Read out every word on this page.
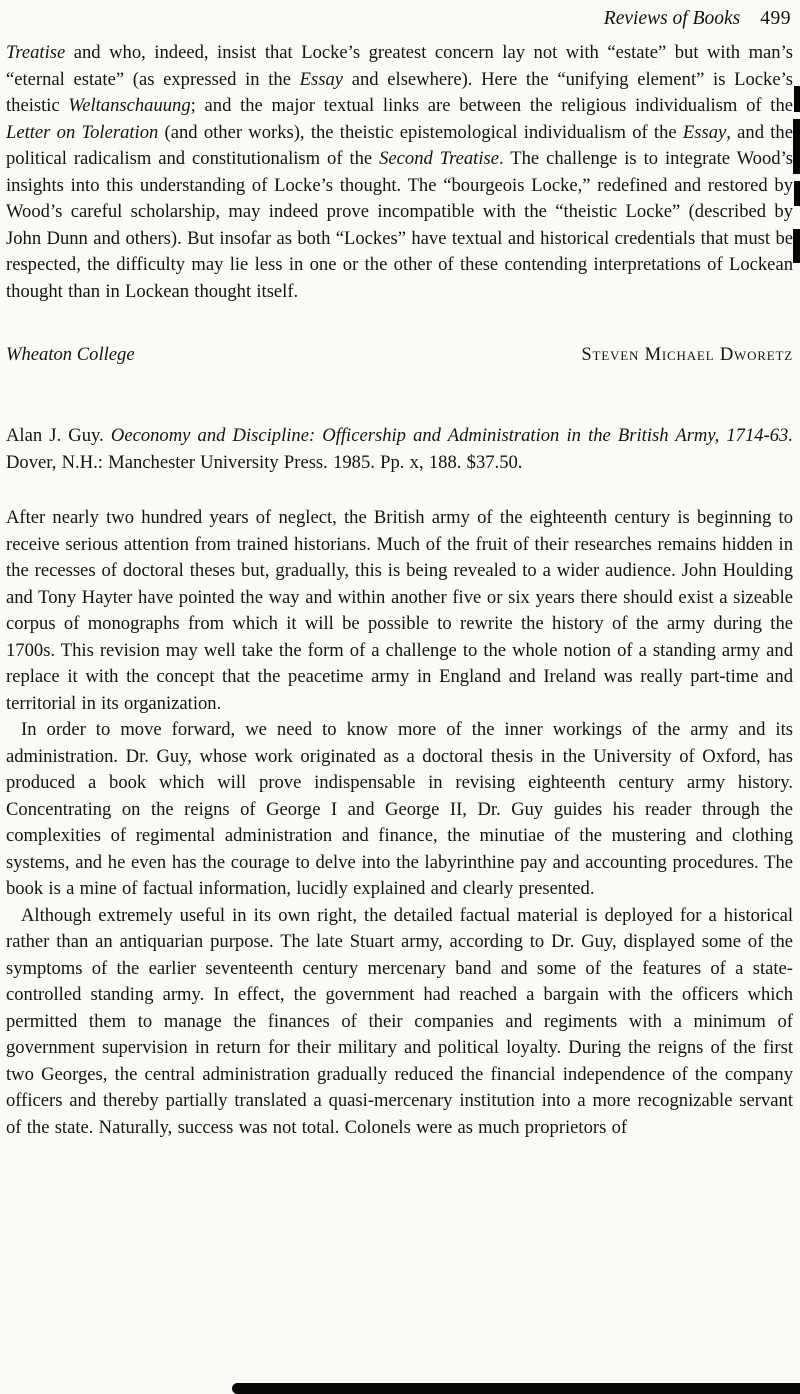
Reviews of Books 499

Treatise and who, indeed, insist that Locke’s greatest concern lay not with “estate” but with man’s “eternal estate” (as expressed in the Essay and elsewhere). Here the “unifying element” is Locke’s theistic Weltanschauung; and the major textual links are between the religious individualism of the Letter on Toleration (and other works), the theistic epistemological individualism of the Essay, and the political radicalism and constitutionalism of the Second Treatise. The challenge is to integrate Wood’s insights into this understanding of Locke’s thought. The “bourgeois Locke,” redefined and restored by Wood’s careful scholarship, may indeed prove incompatible with the “theistic Locke” (described by John Dunn and others). But insofar as both “Lockes” have textual and historical credentials that must be respected, the difficulty may lie less in one or the other of these contending interpretations of Lockean thought than in Lockean thought itself.

Wheaton College	Steven Michael Dworetz

Alan J. Guy. Oeconomy and Discipline: Officership and Administration in the British Army, 1714-63. Dover, N.H.: Manchester University Press. 1985. Pp. x, 188. $37.50.

After nearly two hundred years of neglect, the British army of the eighteenth century is beginning to receive serious attention from trained historians. Much of the fruit of their researches remains hidden in the recesses of doctoral theses but, gradually, this is being revealed to a wider audience. John Houlding and Tony Hayter have pointed the way and within another five or six years there should exist a sizeable corpus of monographs from which it will be possible to rewrite the history of the army during the 1700s. This revision may well take the form of a challenge to the whole notion of a standing army and replace it with the concept that the peacetime army in England and Ireland was really part-time and territorial in its organization.

In order to move forward, we need to know more of the inner workings of the army and its administration. Dr. Guy, whose work originated as a doctoral thesis in the University of Oxford, has produced a book which will prove indispensable in revising eighteenth century army history. Concentrating on the reigns of George I and George II, Dr. Guy guides his reader through the complexities of regimental administration and finance, the minutiae of the mustering and clothing systems, and he even has the courage to delve into the labyrinthine pay and accounting procedures. The book is a mine of factual information, lucidly explained and clearly presented.

Although extremely useful in its own right, the detailed factual material is deployed for a historical rather than an antiquarian purpose. The late Stuart army, according to Dr. Guy, displayed some of the symptoms of the earlier seventeenth century mercenary band and some of the features of a state-controlled standing army. In effect, the government had reached a bargain with the officers which permitted them to manage the finances of their companies and regiments with a minimum of government supervision in return for their military and political loyalty. During the reigns of the first two Georges, the central administration gradually reduced the financial independence of the company officers and thereby partially translated a quasi-mercenary institution into a more recognizable servant of the state. Naturally, success was not total. Colonels were as much proprietors of
